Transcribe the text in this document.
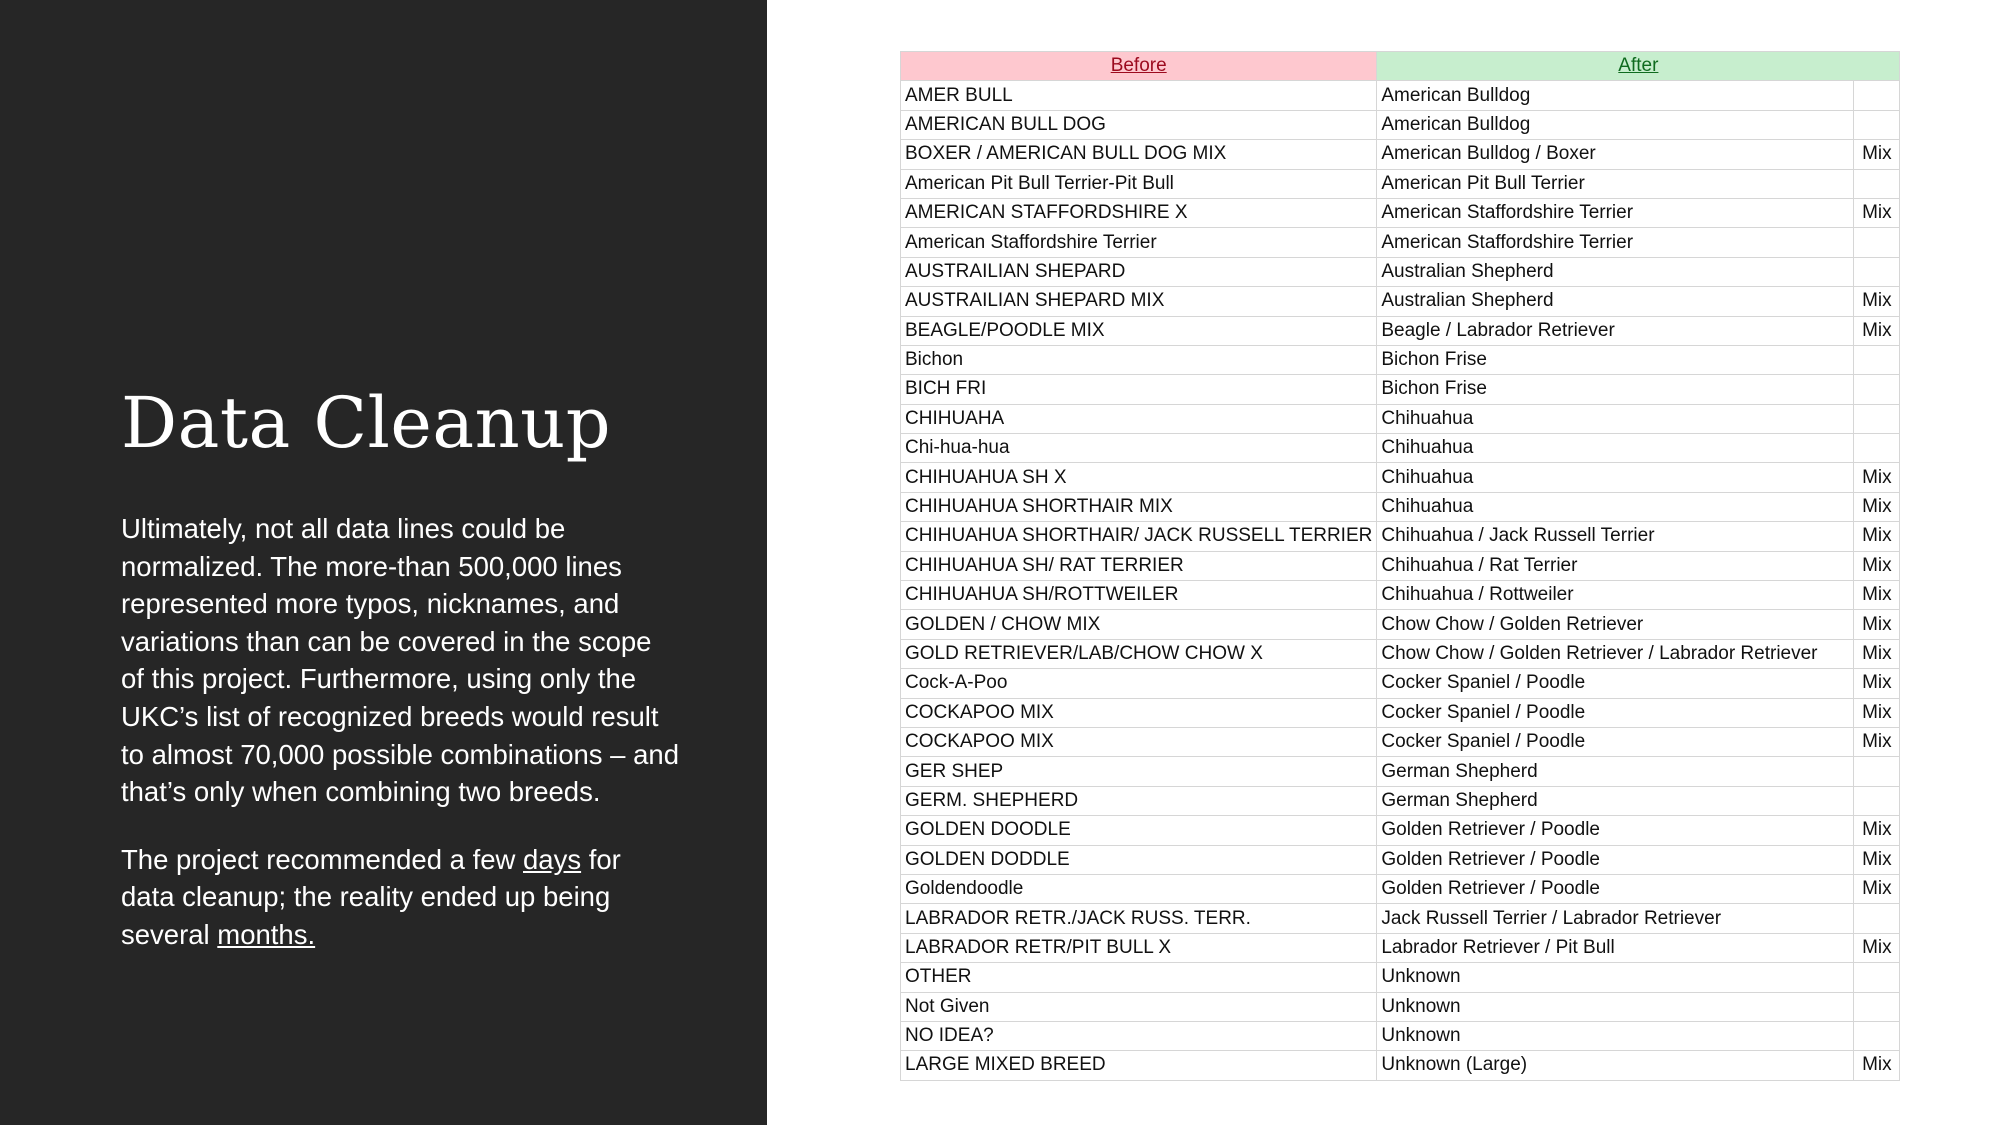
Data Cleanup

Ultimately, not all data lines could be normalized. The more-than 500,000 lines represented more typos, nicknames, and variations than can be covered in the scope of this project. Furthermore, using only the UKC’s list of recognized breeds would result to almost 70,000 possible combinations – and that’s only when combining two breeds.

The project recommended a few days for data cleanup; the reality ended up being several months.

Before	After	
AMER BULL	American Bulldog	
AMERICAN BULL DOG	American Bulldog	
BOXER / AMERICAN BULL DOG MIX	American Bulldog / Boxer	Mix
American Pit Bull Terrier-Pit Bull	American Pit Bull Terrier	
AMERICAN STAFFORDSHIRE X	American Staffordshire Terrier	Mix
American Staffordshire Terrier	American Staffordshire Terrier	
AUSTRAILIAN SHEPARD	Australian Shepherd	
AUSTRAILIAN SHEPARD MIX	Australian Shepherd	Mix
BEAGLE/POODLE MIX	Beagle / Labrador Retriever	Mix
Bichon	Bichon Frise	
BICH FRI	Bichon Frise	
CHIHUAHA	Chihuahua	
Chi-hua-hua	Chihuahua	
CHIHUAHUA SH X	Chihuahua	Mix
CHIHUAHUA SHORTHAIR MIX	Chihuahua	Mix
CHIHUAHUA SHORTHAIR/ JACK RUSSELL TERRIER	Chihuahua / Jack Russell Terrier	Mix
CHIHUAHUA SH/ RAT TERRIER	Chihuahua / Rat Terrier	Mix
CHIHUAHUA SH/ROTTWEILER	Chihuahua / Rottweiler	Mix
GOLDEN / CHOW MIX	Chow Chow / Golden Retriever	Mix
GOLD RETRIEVER/LAB/CHOW CHOW X	Chow Chow / Golden Retriever / Labrador Retriever	Mix
Cock-A-Poo	Cocker Spaniel / Poodle	Mix
COCKAPOO MIX	Cocker Spaniel / Poodle	Mix
COCKAPOO MIX	Cocker Spaniel / Poodle	Mix
GER SHEP	German Shepherd	
GERM. SHEPHERD	German Shepherd	
GOLDEN DOODLE	Golden Retriever / Poodle	Mix
GOLDEN DODDLE	Golden Retriever / Poodle	Mix
Goldendoodle	Golden Retriever / Poodle	Mix
LABRADOR RETR./JACK RUSS. TERR.	Jack Russell Terrier / Labrador Retriever	
LABRADOR RETR/PIT BULL X	Labrador Retriever / Pit Bull	Mix
OTHER	Unknown	
Not Given	Unknown	
NO IDEA?	Unknown	
LARGE MIXED BREED	Unknown (Large)	Mix
